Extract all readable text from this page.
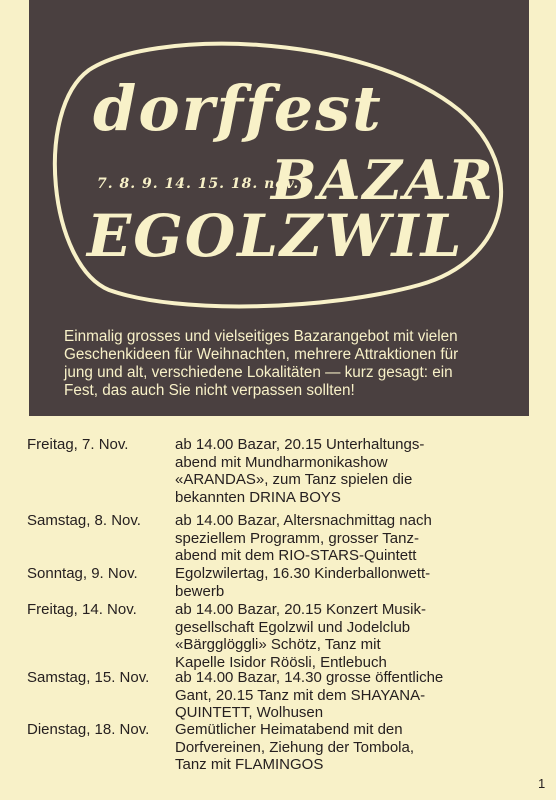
dorffest
7. 8. 9. 14. 15. 18. nov.
BAZAR
EGOLZWIL
Einmalig grosses und vielseitiges Bazarangebot mit vielen
Geschenkideen für Weihnachten, mehrere Attraktionen für
jung und alt, verschiedene Lokalitäten — kurz gesagt: ein
Fest, das auch Sie nicht verpassen sollten!
Freitag, 7. Nov.	ab 14.00 Bazar, 20.15 Unterhaltungs-
abend mit Mundharmonikashow
«ARANDAS», zum Tanz spielen die
bekannten DRINA BOYS
Samstag, 8. Nov. ab 14.00 Bazar, Altersnachmittag nach
speziellem Programm, grosser Tanz-
abend mit dem RIO-STARS-Quintett
Sonntag, 9. Nov. Egolzwilertag, 16.30 Kinderballonwett-
bewerb
Freitag, 14. Nov.	ab 14.00 Bazar, 20.15 Konzert Musik-
gesellschaft Egolzwil und Jodelclub
«Bärgglöggli» Schötz, Tanz mit
Kapelle Isidor Röösli, Entlebuch
Samstag, 15. Nov. ab 14.00 Bazar, 14.30 grosse öffentliche
Gant, 20.15 Tanz mit dem SHAYANA-
QUINTETT, Wolhusen
Dienstag, 18. Nov. Gemütlicher Heimatabend mit den
Dorfvereinen, Ziehung der Tombola,
Tanz mit FLAMINGOS
1
